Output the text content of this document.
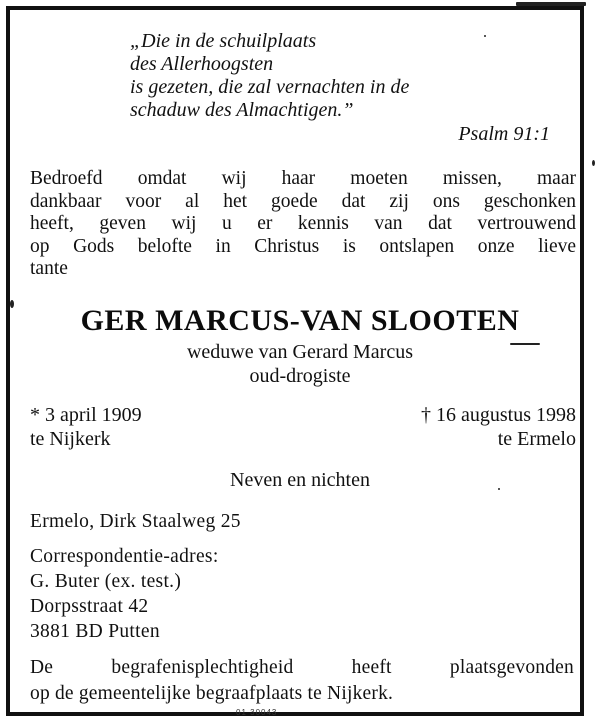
„Die in de schuilplaats
des Allerhoogsten
is gezeten, die zal vernachten in de
schaduw des Almachtigen.”
Psalm 91:1
Bedroefd omdat wij haar moeten missen, maar
dankbaar voor al het goede dat zij ons geschonken
heeft, geven wij u er kennis van dat vertrouwend
op Gods belofte in Christus is ontslapen onze lieve
tante
GER MARCUS-VAN SLOOTEN
weduwe van Gerard Marcus
oud-drogiste
* 3 april 1909
te Nijkerk
† 16 augustus 1998
te Ermelo
Neven en nichten
Ermelo, Dirk Staalweg 25
Correspondentie-adres:
G. Buter (ex. test.)
Dorpsstraat 42
3881 BD Putten
De begrafenisplechtigheid heeft plaatsgevonden
op de gemeentelijke begraafplaats te Nijkerk.
01 30043
